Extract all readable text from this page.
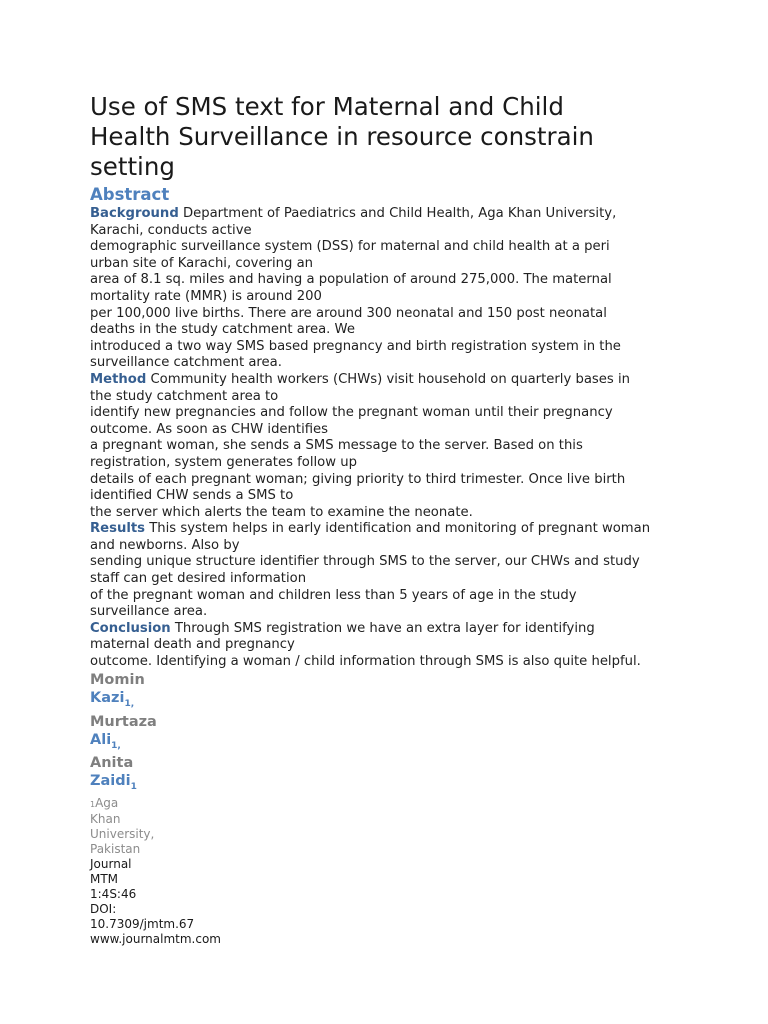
Use of SMS text for Maternal and Child
Health Surveillance in resource constrain
setting
Abstract

Background Department of Paediatrics and Child Health, Aga Khan University,
Karachi, conducts active
demographic surveillance system (DSS) for maternal and child health at a peri
urban site of Karachi, covering an
area of 8.1 sq. miles and having a population of around 275,000. The maternal
mortality rate (MMR) is around 200
per 100,000 live births. There are around 300 neonatal and 150 post neonatal
deaths in the study catchment area. We
introduced a two way SMS based pregnancy and birth registration system in the
surveillance catchment area.

Method Community health workers (CHWs) visit household on quarterly bases in
the study catchment area to
identify new pregnancies and follow the pregnant woman until their pregnancy
outcome. As soon as CHW identifies
a pregnant woman, she sends a SMS message to the server. Based on this
registration, system generates follow up
details of each pregnant woman; giving priority to third trimester. Once live birth
identified CHW sends a SMS to
the server which alerts the team to examine the neonate.

Results This system helps in early identification and monitoring of pregnant woman
and newborns. Also by
sending unique structure identifier through SMS to the server, our CHWs and study
staff can get desired information
of the pregnant woman and children less than 5 years of age in the study
surveillance area.

Conclusion Through SMS registration we have an extra layer for identifying
maternal death and pregnancy
outcome. Identifying a woman / child information through SMS is also quite helpful.

Momin

Kazi$_{1,}$

Murtaza

Ali$_{1,}$

Anita

Zaidi$_1$

1Aga

Khan

University,

Pakistan

Journal

MTM

1:4S:46

DOI:

10.7309/jmtm.67

www.journalmtm.com
